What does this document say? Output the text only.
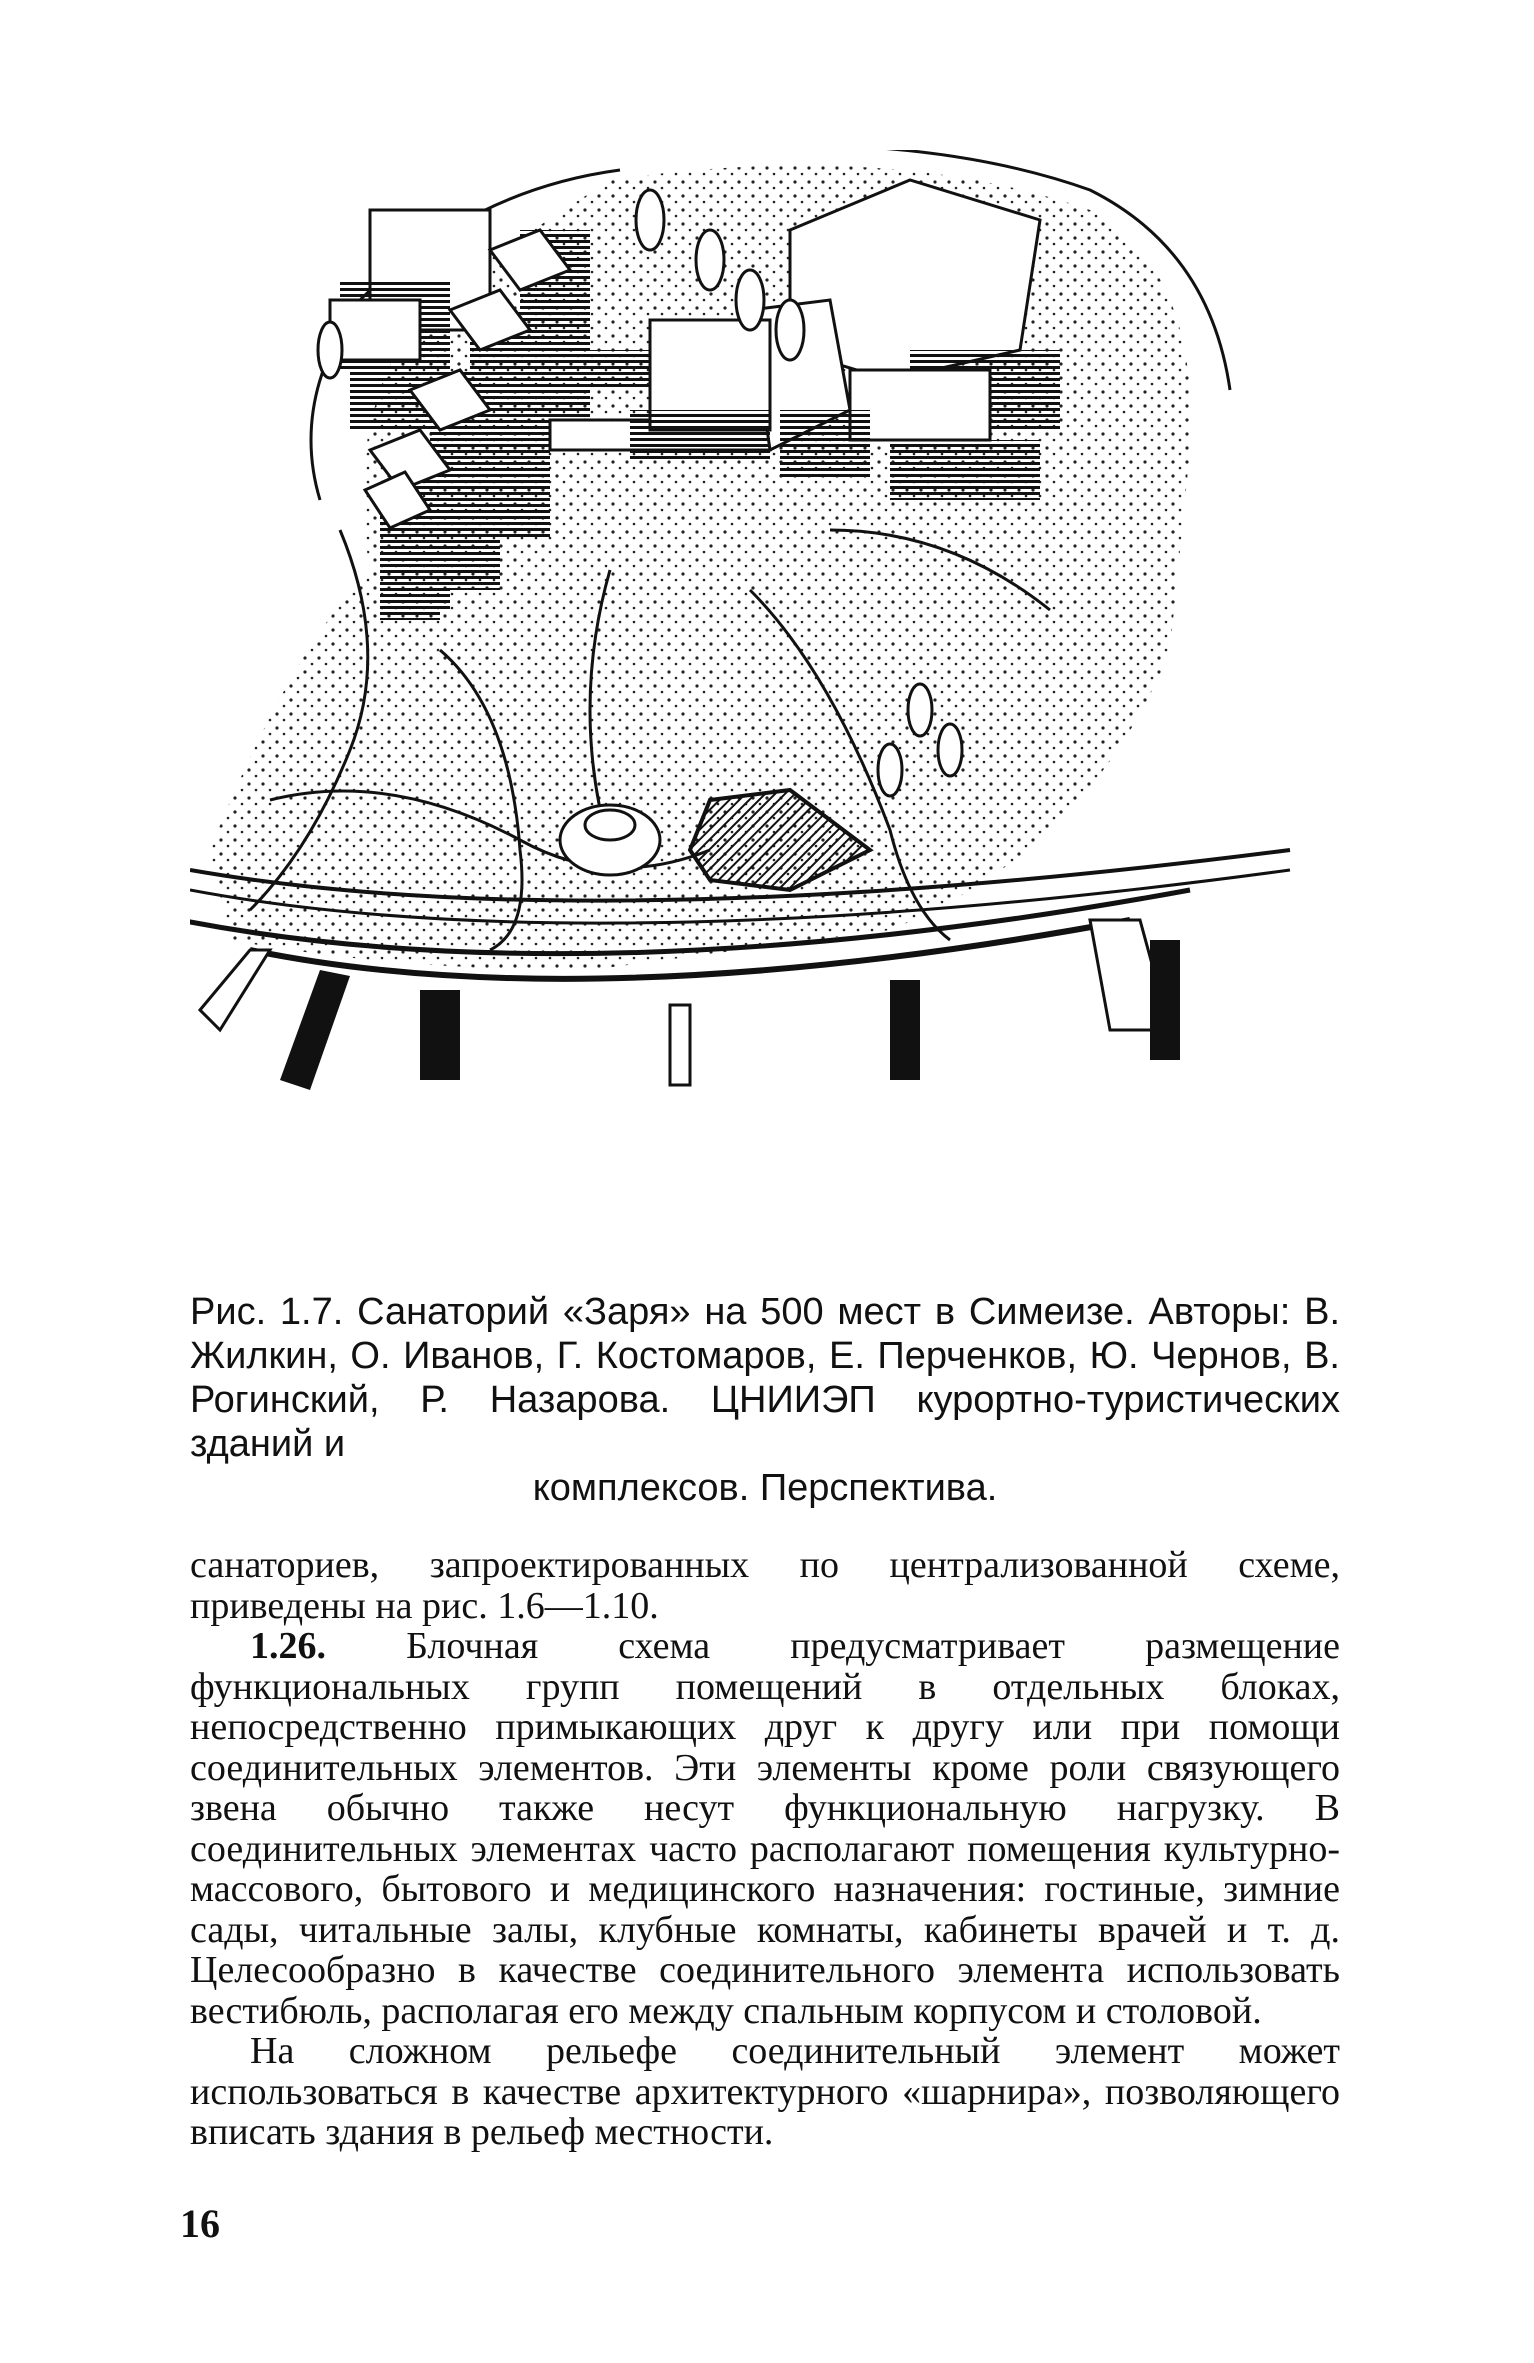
Рис. 1.7. Санаторий «Заря» на 500 мест в Симеизе. Авторы: В. Жилкин, О. Иванов, Г. Костомаров, Е. Перченков, Ю. Чернов, В. Рогинский, Р. Назарова. ЦНИИЭП курортно-туристических зданий и
комплексов. Перспектива.

санаториев, запроектированных по централизованной схеме, приведены на рис. 1.6—1.10.

1.26. Блочная схема предусматривает размещение функциональных групп помещений в отдельных блоках, непосредственно примыкающих друг к другу или при помощи соединительных элементов. Эти элементы кроме роли связующего звена обычно также несут функциональную нагрузку. В соединительных элементах часто располагают помещения культурно-массового, бытового и медицинского назначения: гостиные, зимние сады, читальные залы, клубные комнаты, кабинеты врачей и т. д. Целесообразно в качестве соединительного элемента использовать вестибюль, располагая его между спальным корпусом и столовой.

На сложном рельефе соединительный элемент может использоваться в качестве архитектурного «шарнира», позволяющего вписать здания в рельеф местности.

16
